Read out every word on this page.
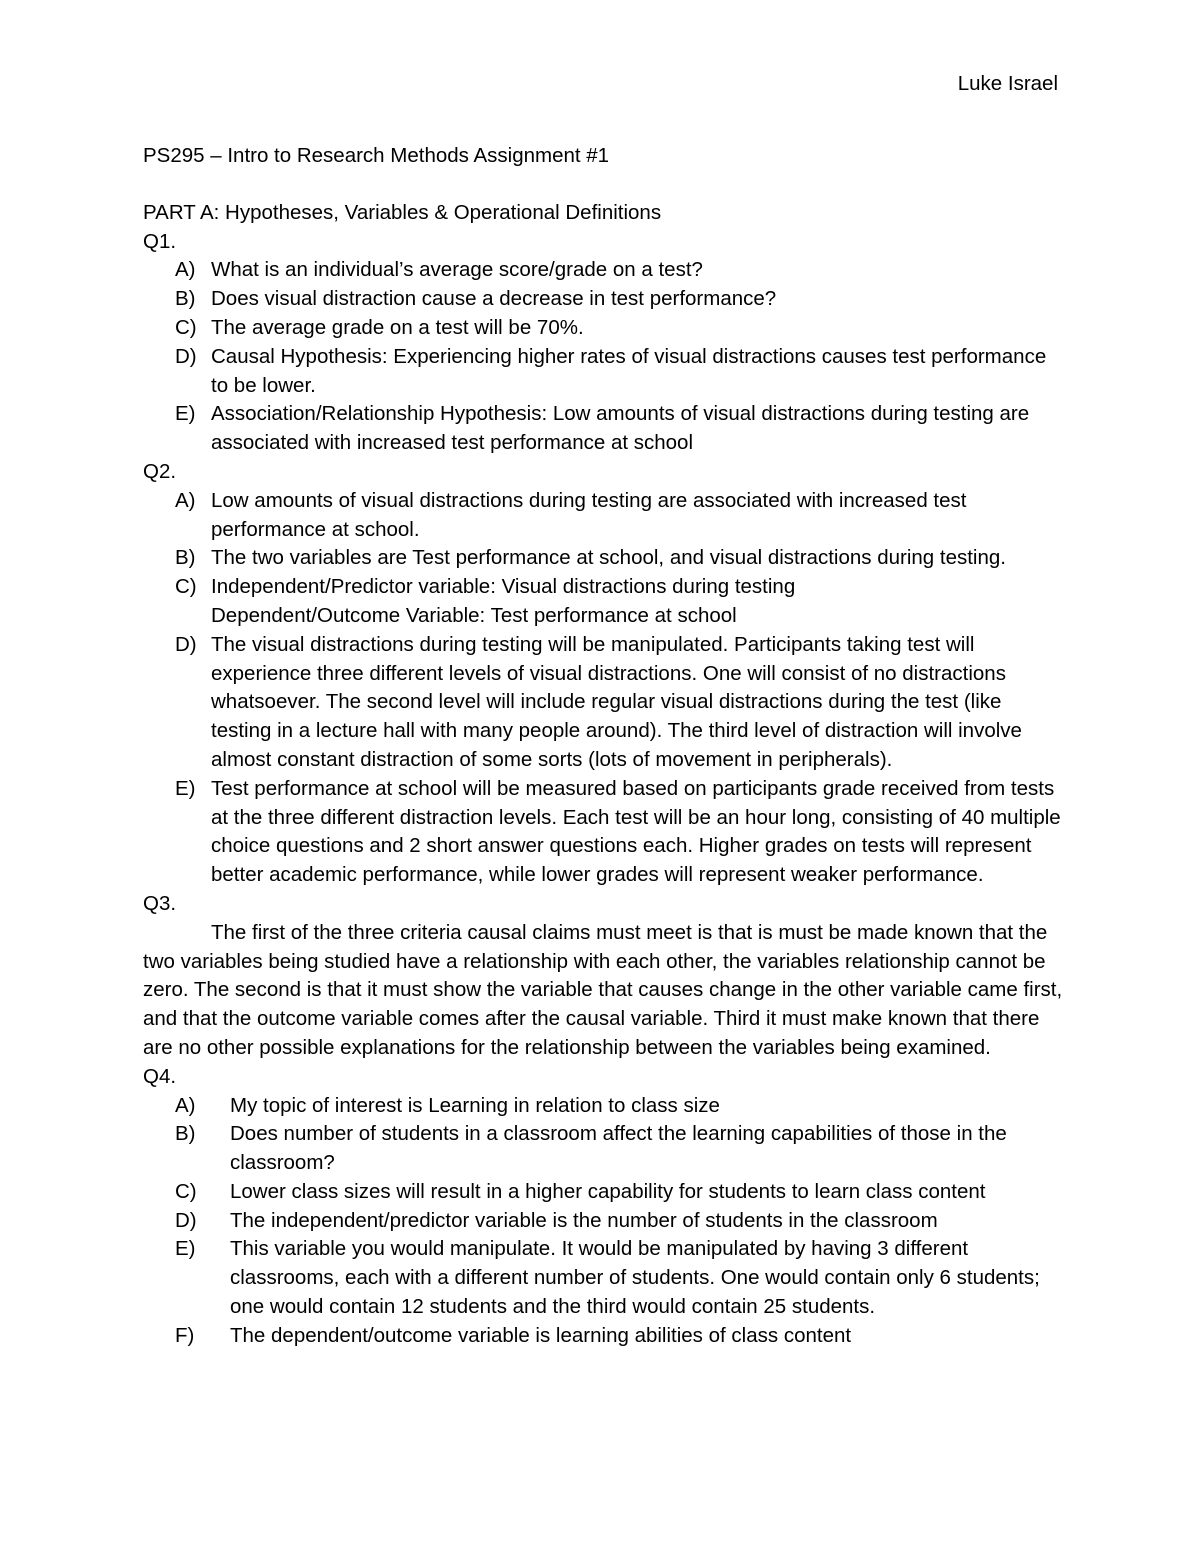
Luke Israel

PS295 – Intro to Research Methods Assignment #1

PART A: Hypotheses, Variables & Operational Definitions

Q1.

A) What is an individual’s average score/grade on a test?
B) Does visual distraction cause a decrease in test performance?
C) The average grade on a test will be 70%.
D) Causal Hypothesis: Experiencing higher rates of visual distractions causes test performance to be lower.
E) Association/Relationship Hypothesis: Low amounts of visual distractions during testing are associated with increased test performance at school

Q2.

A) Low amounts of visual distractions during testing are associated with increased test performance at school.
B) The two variables are Test performance at school, and visual distractions during testing.
C) Independent/Predictor variable: Visual distractions during testing
Dependent/Outcome Variable: Test performance at school
D) The visual distractions during testing will be manipulated. Participants taking test will experience three different levels of visual distractions. One will consist of no distractions whatsoever. The second level will include regular visual distractions during the test (like testing in a lecture hall with many people around). The third level of distraction will involve almost constant distraction of some sorts (lots of movement in peripherals).
E) Test performance at school will be measured based on participants grade received from tests at the three different distraction levels. Each test will be an hour long, consisting of 40 multiple choice questions and 2 short answer questions each. Higher grades on tests will represent better academic performance, while lower grades will represent weaker performance.

Q3.

The first of the three criteria causal claims must meet is that is must be made known that the two variables being studied have a relationship with each other, the variables relationship cannot be zero. The second is that it must show the variable that causes change in the other variable came first, and that the outcome variable comes after the causal variable. Third it must make known that there are no other possible explanations for the relationship between the variables being examined.

Q4.

A) My topic of interest is Learning in relation to class size
B) Does number of students in a classroom affect the learning capabilities of those in the classroom?
C) Lower class sizes will result in a higher capability for students to learn class content
D) The independent/predictor variable is the number of students in the classroom
E) This variable you would manipulate. It would be manipulated by having 3 different classrooms, each with a different number of students. One would contain only 6 students; one would contain 12 students and the third would contain 25 students.
F) The dependent/outcome variable is learning abilities of class content
